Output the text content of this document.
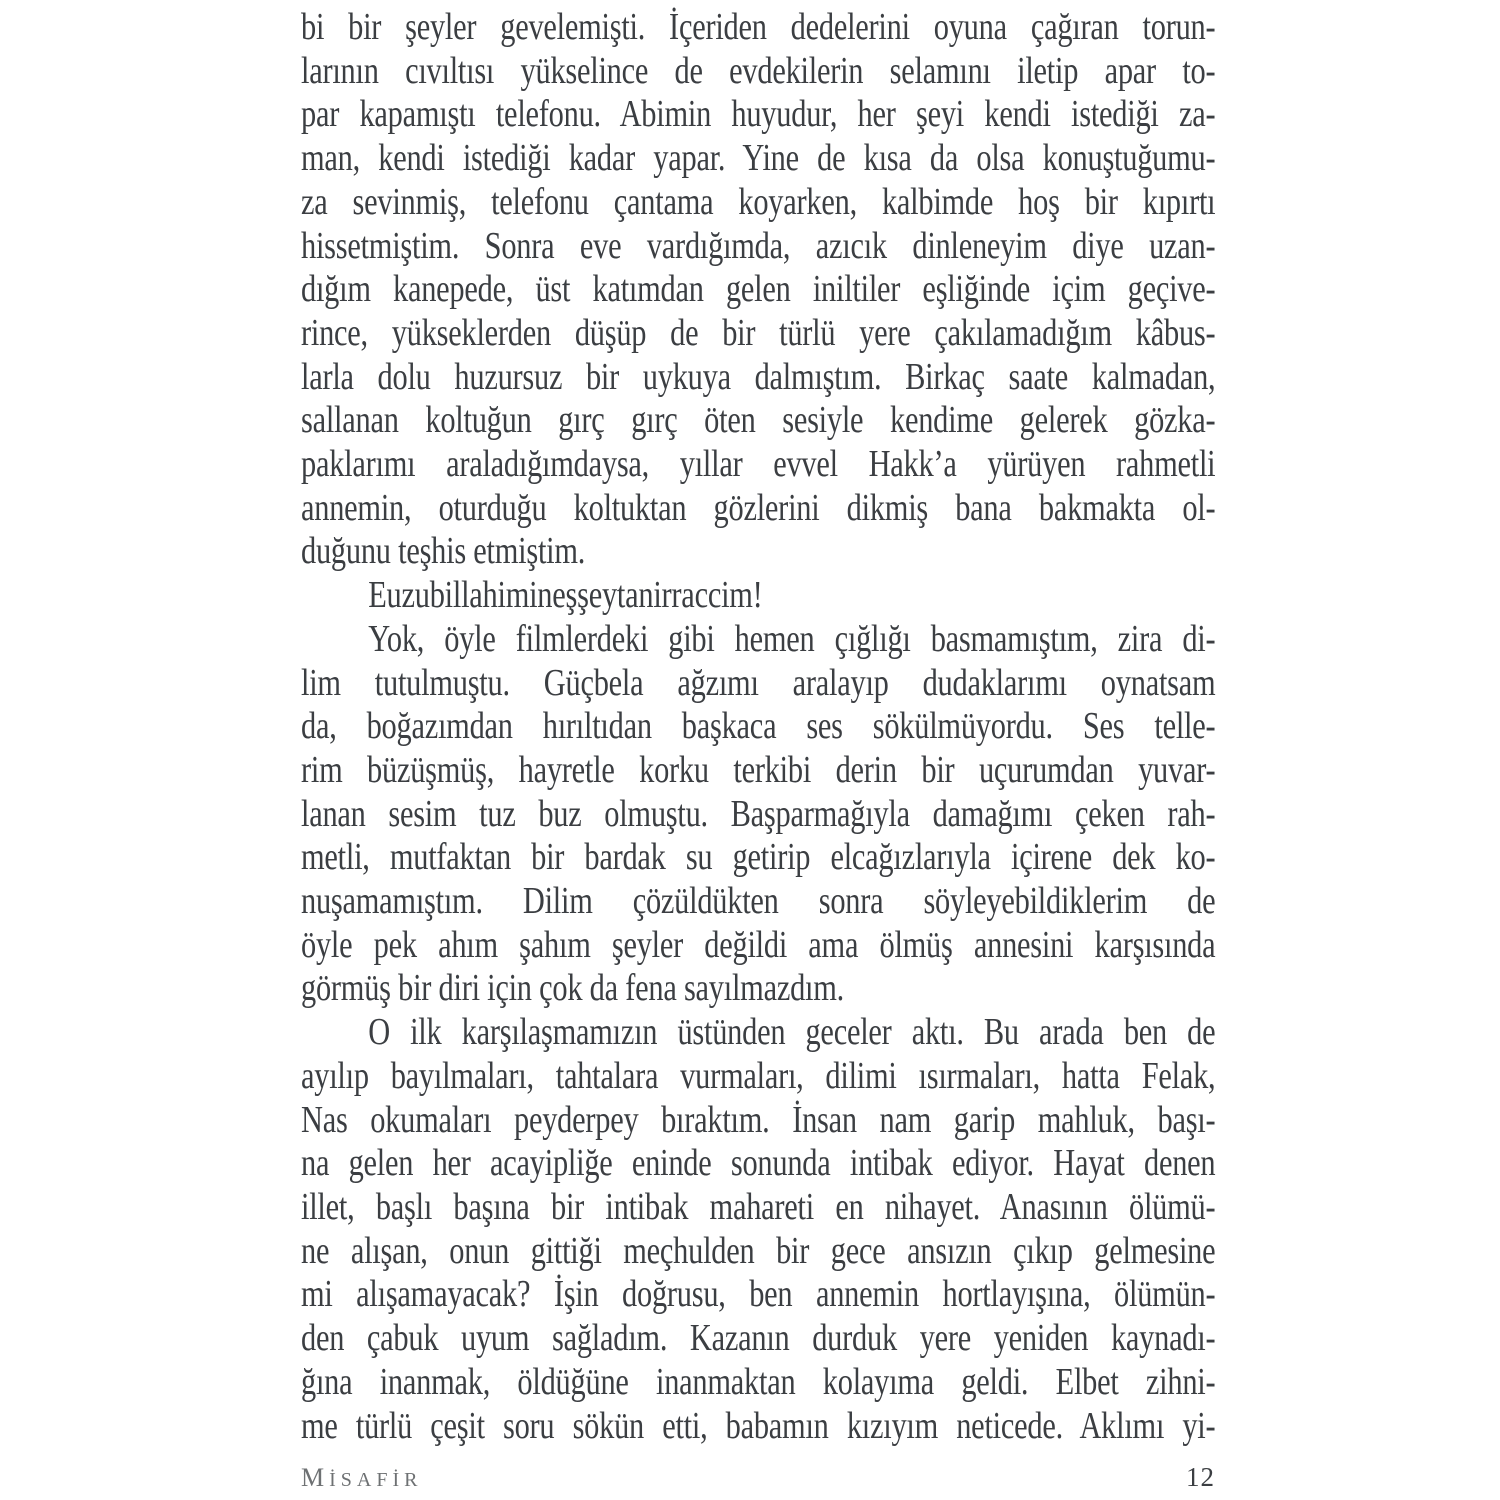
bi bir şeyler gevelemişti. İçeriden dedelerini oyuna çağıran torun-

larının cıvıltısı yükselince de evdekilerin selamını iletip apar to-

par kapamıştı telefonu. Abimin huyudur, her şeyi kendi istediği za-

man, kendi istediği kadar yapar. Yine de kısa da olsa konuştuğumu-

za sevinmiş, telefonu çantama koyarken, kalbimde hoş bir kıpırtı

hissetmiştim. Sonra eve vardığımda, azıcık dinleneyim diye uzan-

dığım kanepede, üst katımdan gelen iniltiler eşliğinde içim geçive-

rince, yükseklerden düşüp de bir türlü yere çakılamadığım kâbus-

larla dolu huzursuz bir uykuya dalmıştım. Birkaç saate kalmadan,

sallanan koltuğun gırç gırç öten sesiyle kendime gelerek gözka-

paklarımı araladığımdaysa, yıllar evvel Hakk’a yürüyen rahmetli

annemin, oturduğu koltuktan gözlerini dikmiş bana bakmakta ol-

duğunu teşhis etmiştim.

Euzubillahimineşşeytanirraccim!

Yok, öyle filmlerdeki gibi hemen çığlığı basmamıştım, zira di-

lim tutulmuştu. Güçbela ağzımı aralayıp dudaklarımı oynatsam

da, boğazımdan hırıltıdan başkaca ses sökülmüyordu. Ses telle-

rim büzüşmüş, hayretle korku terkibi derin bir uçurumdan yuvar-

lanan sesim tuz buz olmuştu. Başparmağıyla damağımı çeken rah-

metli, mutfaktan bir bardak su getirip elcağızlarıyla içirene dek ko-

nuşamamıştım. Dilim çözüldükten sonra söyleyebildiklerim de

öyle pek ahım şahım şeyler değildi ama ölmüş annesini karşısında

görmüş bir diri için çok da fena sayılmazdım.

O ilk karşılaşmamızın üstünden geceler aktı. Bu arada ben de

ayılıp bayılmaları, tahtalara vurmaları, dilimi ısırmaları, hatta Felak,

Nas okumaları peyderpey bıraktım. İnsan nam garip mahluk, başı-

na gelen her acayipliğe eninde sonunda intibak ediyor. Hayat denen

illet, başlı başına bir intibak mahareti en nihayet. Anasının ölümü-

ne alışan, onun gittiği meçhulden bir gece ansızın çıkıp gelmesine

mi alışamayacak? İşin doğrusu, ben annemin hortlayışına, ölümün-

den çabuk uyum sağladım. Kazanın durduk yere yeniden kaynadı-

ğına inanmak, öldüğüne inanmaktan kolayıma geldi. Elbet zihni-

me türlü çeşit soru sökün etti, babamın kızıyım neticede. Aklımı yi-

MİSAFİR	12
